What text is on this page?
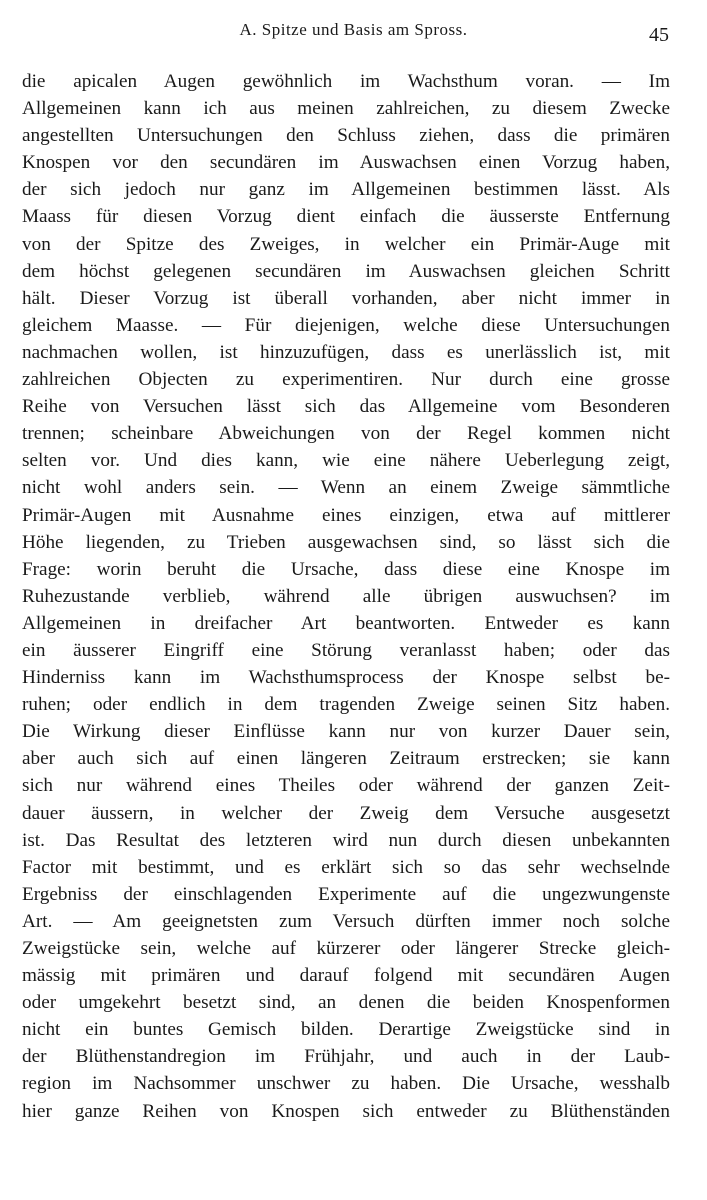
A. Spitze und Basis am Spross.	45
die apicalen Augen gewöhnlich im Wachsthum voran. — Im
Allgemeinen kann ich aus meinen zahlreichen, zu diesem Zwecke
angestellten Untersuchungen den Schluss ziehen, dass die primären
Knospen vor den secundären im Auswachsen einen Vorzug haben,
der sich jedoch nur ganz im Allgemeinen bestimmen lässt. Als
Maass für diesen Vorzug dient einfach die äusserste Entfernung
von der Spitze des Zweiges, in welcher ein Primär-Auge mit
dem höchst gelegenen secundären im Auswachsen gleichen Schritt
hält. Dieser Vorzug ist überall vorhanden, aber nicht immer in
gleichem Maasse. — Für diejenigen, welche diese Untersuchungen
nachmachen wollen, ist hinzuzufügen, dass es unerlässlich ist, mit
zahlreichen Objecten zu experimentiren. Nur durch eine grosse
Reihe von Versuchen lässt sich das Allgemeine vom Besonderen
trennen; scheinbare Abweichungen von der Regel kommen nicht
selten vor. Und dies kann, wie eine nähere Ueberlegung zeigt,
nicht wohl anders sein. — Wenn an einem Zweige sämmtliche
Primär-Augen mit Ausnahme eines einzigen, etwa auf mittlerer
Höhe liegenden, zu Trieben ausgewachsen sind, so lässt sich die
Frage: worin beruht die Ursache, dass diese eine Knospe im
Ruhezustande verblieb, während alle übrigen auswuchsen? im
Allgemeinen in dreifacher Art beantworten. Entweder es kann
ein äusserer Eingriff eine Störung veranlasst haben; oder das
Hinderniss kann im Wachsthumsprocess der Knospe selbst be-
ruhen; oder endlich in dem tragenden Zweige seinen Sitz haben.
Die Wirkung dieser Einflüsse kann nur von kurzer Dauer sein,
aber auch sich auf einen längeren Zeitraum erstrecken; sie kann
sich nur während eines Theiles oder während der ganzen Zeit-
dauer äussern, in welcher der Zweig dem Versuche ausgesetzt
ist. Das Resultat des letzteren wird nun durch diesen unbekannten
Factor mit bestimmt, und es erklärt sich so das sehr wechselnde
Ergebniss der einschlagenden Experimente auf die ungezwungenste
Art. — Am geeignetsten zum Versuch dürften immer noch solche
Zweigstücke sein, welche auf kürzerer oder längerer Strecke gleich-
mässig mit primären und darauf folgend mit secundären Augen
oder umgekehrt besetzt sind, an denen die beiden Knospenformen
nicht ein buntes Gemisch bilden. Derartige Zweigstücke sind in
der Blüthenstandregion im Frühjahr, und auch in der Laub-
region im Nachsommer unschwer zu haben. Die Ursache, wesshalb
hier ganze Reihen von Knospen sich entweder zu Blüthenständen
